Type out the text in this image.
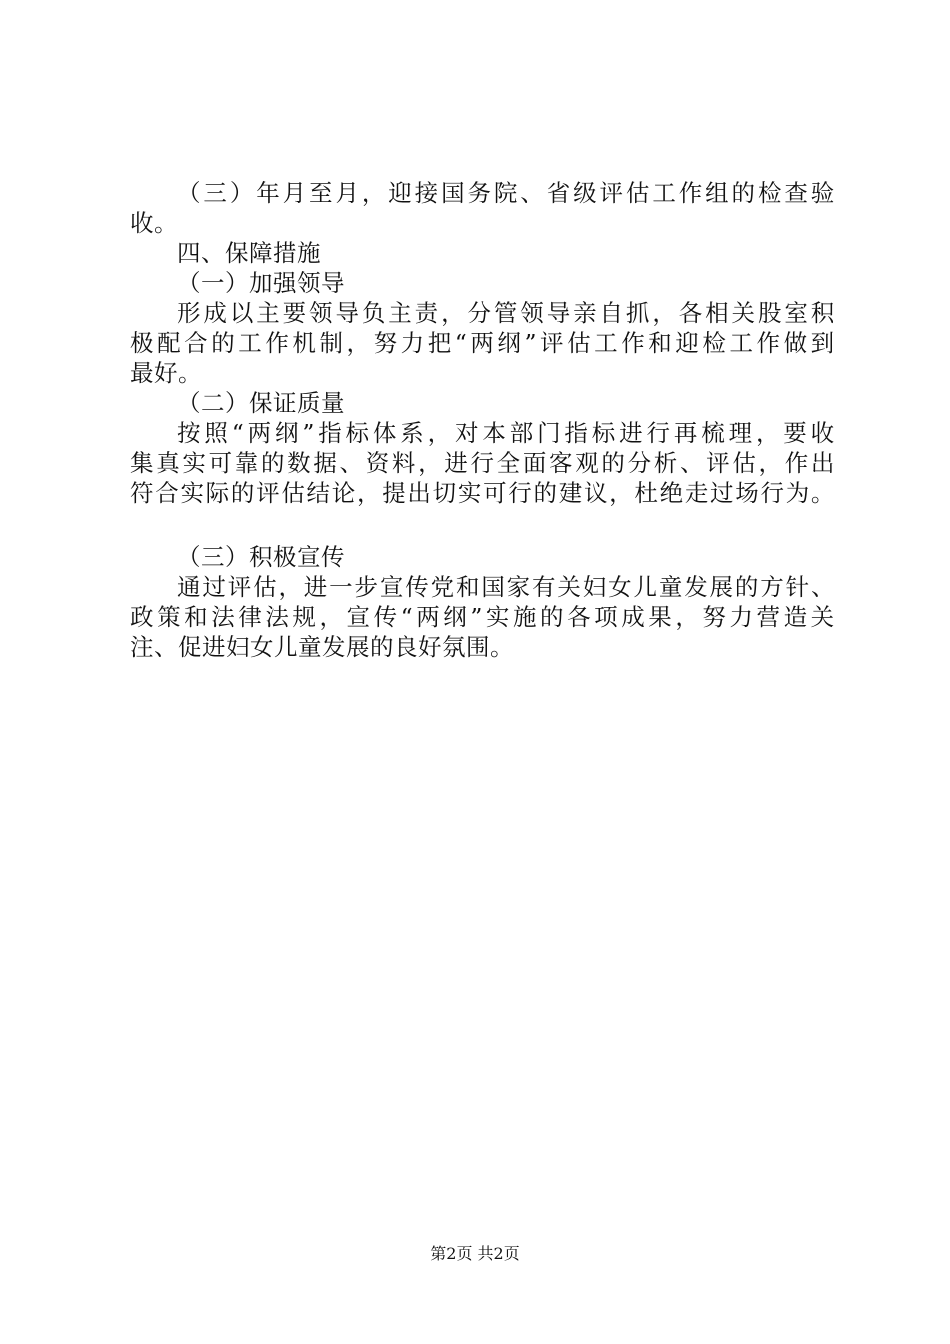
（ 三 ） 年 月 至 月 ， 迎 接 国 务 院 、 省 级 评 估 工 作 组 的 检 查 验
收。
四、保障措施
（一）加强领导
形 成 以 主 要 领 导 负 主 责 ， 分 管 领 导 亲 自 抓 ， 各 相 关 股 室 积
极 配 合 的 工 作 机 制 ， 努 力 把 “ 两 纲 ” 评 估 工 作 和 迎 检 工 作 做 到
最好。
（二）保证质量
按 照 “ 两 纲 ” 指 标 体 系 ， 对 本 部 门 指 标 进 行 再 梳 理 ， 要 收
集 真 实 可 靠 的 数 据 、 资 料 ， 进 行 全 面 客 观 的 分 析 、 评 估 ， 作 出
符 合 实 际 的 评 估 结 论 ， 提 出 切 实 可 行 的 建 议 ， 杜 绝 走 过 场 行 为 。
（三）积极宣传
通 过 评 估 ， 进 一 步 宣 传 党 和 国 家 有 关 妇 女 儿 童 发 展 的 方 针 、
政 策 和 法 律 法 规 ， 宣 传 “ 两 纲 ” 实 施 的 各 项 成 果 ， 努 力 营 造 关
注、促进妇女儿童发展的良好氛围。
第2页 共2页
